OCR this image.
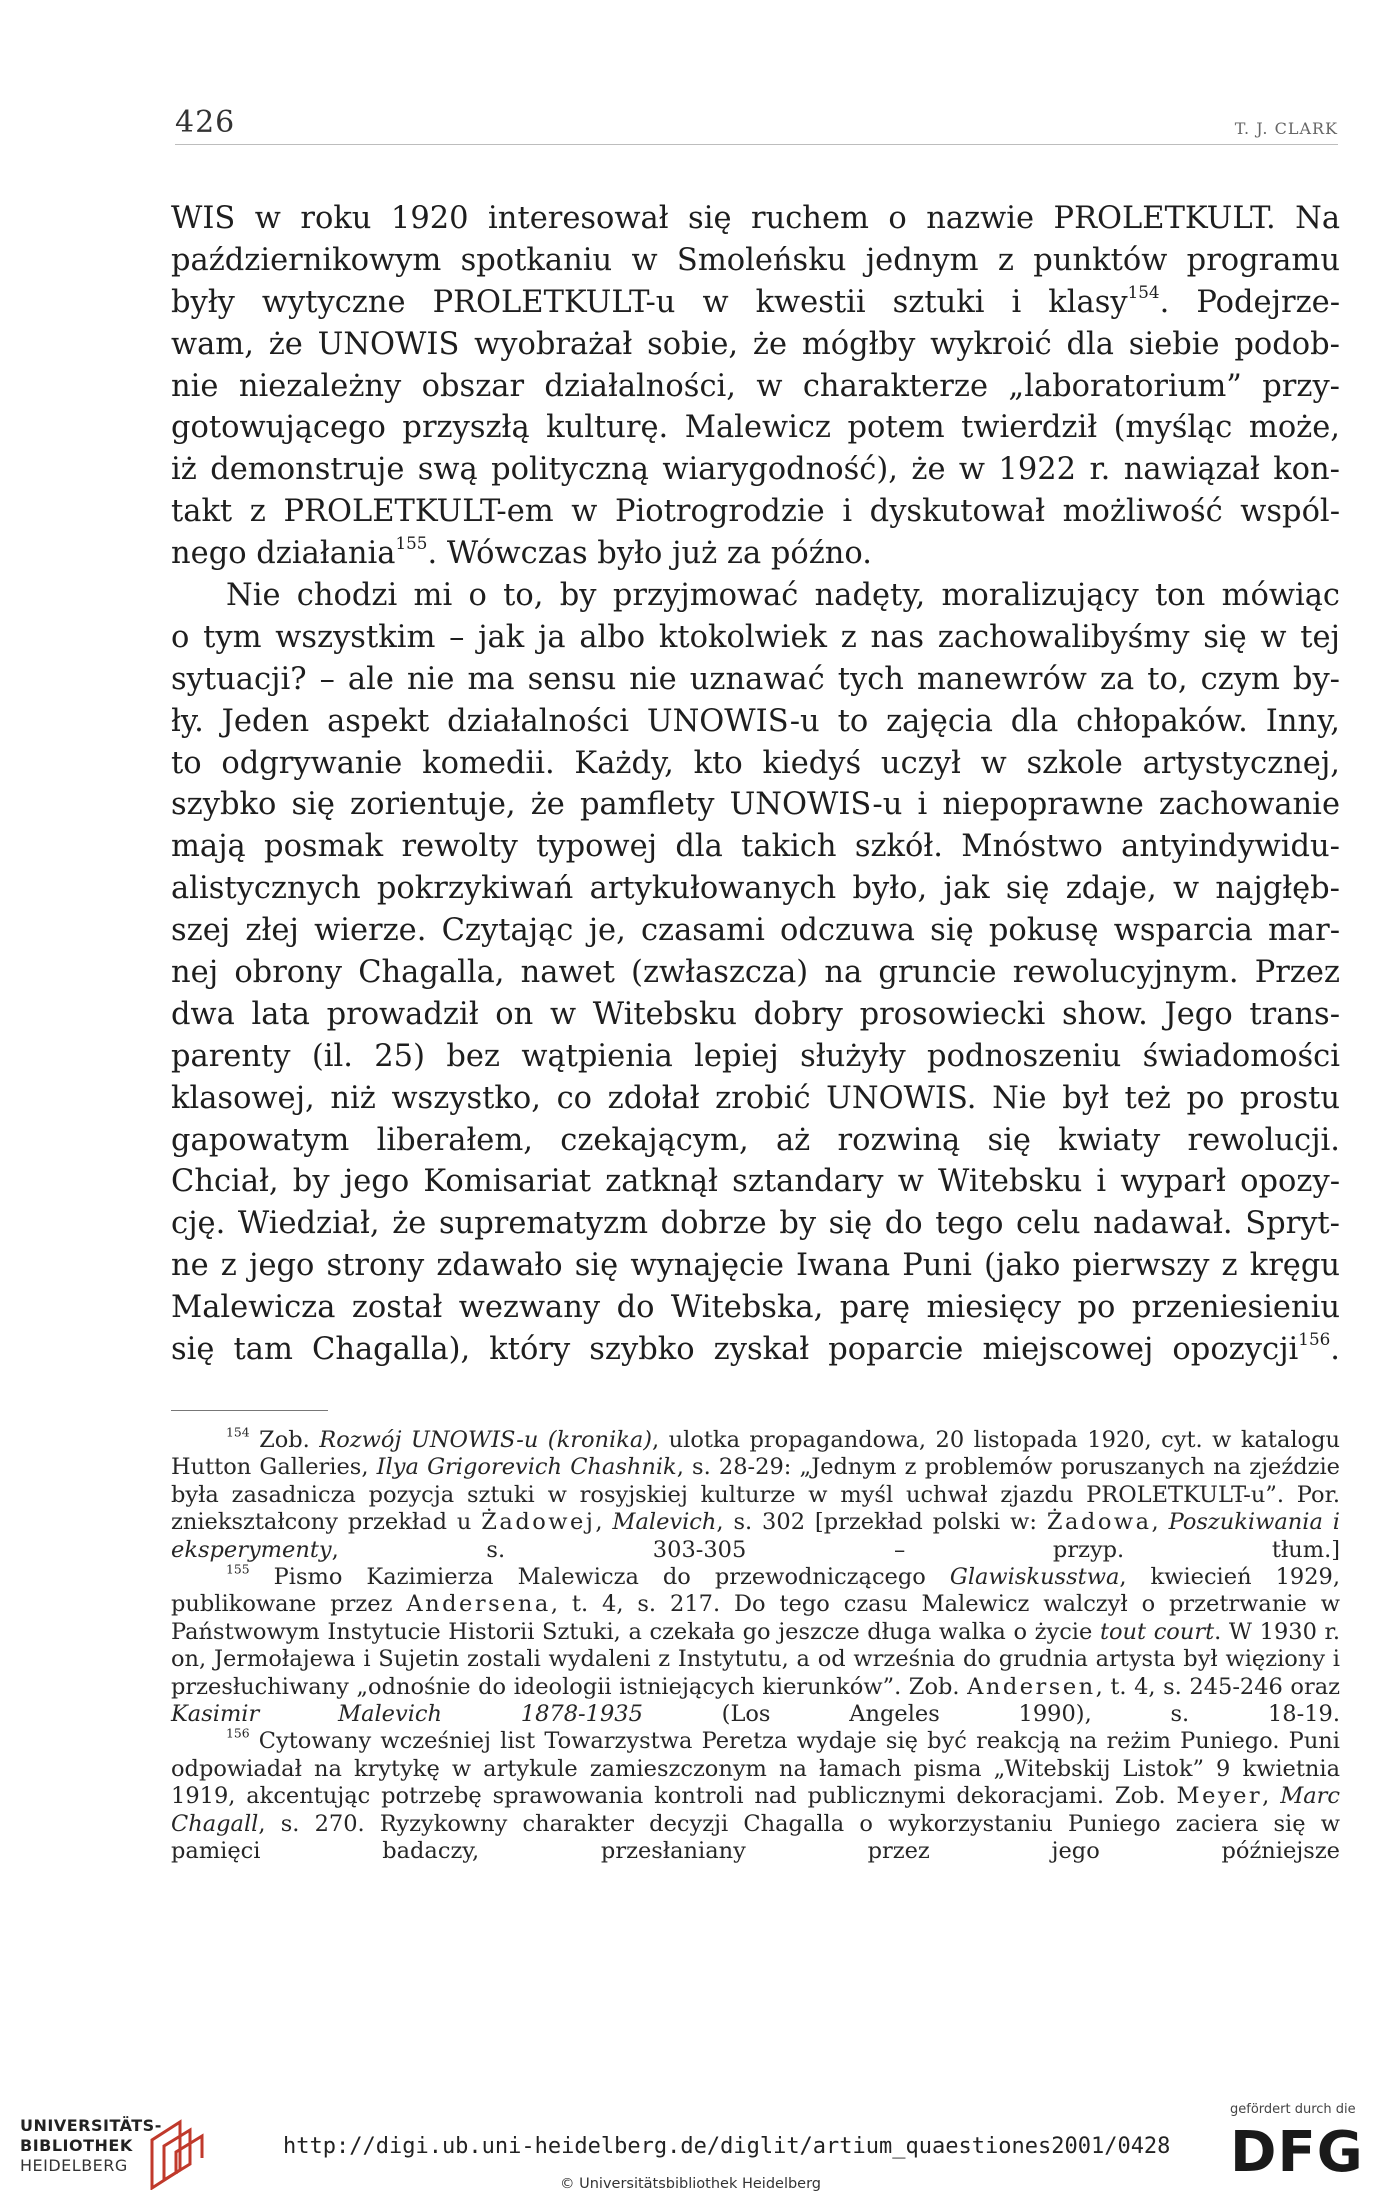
426	T. J. CLARK
WIS w roku 1920 interesował się ruchem o nazwie PROLETKULT. Na
październikowym spotkaniu w Smoleńsku jednym z punktów programu
były wytyczne PROLETKULT-u w kwestii sztuki i klasy$^{154}$. Podejrze-
wam, że UNOWIS wyobrażał sobie, że mógłby wykroić dla siebie podob-
nie niezależny obszar działalności, w charakterze „laboratorium” przy-
gotowującego przyszłą kulturę. Malewicz potem twierdził (myśląc może,
iż demonstruje swą polityczną wiarygodność), że w 1922 r. nawiązał kon-
takt z PROLETKULT-em w Piotrogrodzie i dyskutował możliwość wspól-
nego działania$^{155}$. Wówczas było już za późno.
Nie chodzi mi o to, by przyjmować nadęty, moralizujący ton mówiąc
o tym wszystkim – jak ja albo ktokolwiek z nas zachowalibyśmy się w tej
sytuacji? – ale nie ma sensu nie uznawać tych manewrów za to, czym by-
ły. Jeden aspekt działalności UNOWIS-u to zajęcia dla chłopaków. Inny,
to odgrywanie komedii. Każdy, kto kiedyś uczył w szkole artystycznej,
szybko się zorientuje, że pamflety UNOWIS-u i niepoprawne zachowanie
mają posmak rewolty typowej dla takich szkół. Mnóstwo antyindywidu-
alistycznych pokrzykiwań artykułowanych było, jak się zdaje, w najgłęb-
szej złej wierze. Czytając je, czasami odczuwa się pokusę wsparcia mar-
nej obrony Chagalla, nawet (zwłaszcza) na gruncie rewolucyjnym. Przez
dwa lata prowadził on w Witebsku dobry prosowiecki show. Jego trans-
parenty (il. 25) bez wątpienia lepiej służyły podnoszeniu świadomości
klasowej, niż wszystko, co zdołał zrobić UNOWIS. Nie był też po prostu
gapowatym liberałem, czekającym, aż rozwiną się kwiaty rewolucji.
Chciał, by jego Komisariat zatknął sztandary w Witebsku i wyparł opozy-
cję. Wiedział, że suprematyzm dobrze by się do tego celu nadawał. Spryt-
ne z jego strony zdawało się wynajęcie Iwana Puni (jako pierwszy z kręgu
Malewicza został wezwany do Witebska, parę miesięcy po przeniesieniu
się tam Chagalla), który szybko zyskał poparcie miejscowej opozycji$^{156}$.
$^{154}$ Zob. Rozwój UNOWIS-u (kronika), ulotka propagandowa, 20 listopada 1920, cyt. w katalogu Hutton Galleries, Ilya Grigorevich Chashnik, s. 28-29: „Jednym z problemów poruszanych na zjeździe była zasadnicza pozycja sztuki w rosyjskiej kulturze w myśl uchwał zjazdu PROLETKULT-u”. Por. zniekształcony przekład u Żadowej, Malevich, s. 302 [przekład polski w: Żadowa, Poszukiwania i eksperymenty, s. 303-305 – przyp. tłum.]
$^{155}$ Pismo Kazimierza Malewicza do przewodniczącego Glawiskusstwa, kwiecień 1929, publikowane przez Andersena, t. 4, s. 217. Do tego czasu Malewicz walczył o przetrwanie w Państwowym Instytucie Historii Sztuki, a czekała go jeszcze długa walka o życie tout court. W 1930 r. on, Jermołajewa i Sujetin zostali wydaleni z Instytutu, a od września do grudnia artysta był więziony i przesłuchiwany „odnośnie do ideologii istniejących kierunków”. Zob. Andersen, t. 4, s. 245-246 oraz Kasimir Malevich 1878-1935 (Los Angeles 1990), s. 18-19.
$^{156}$ Cytowany wcześniej list Towarzystwa Peretza wydaje się być reakcją na reżim Puniego. Puni odpowiadał na krytykę w artykule zamieszczonym na łamach pisma „Witebskij Listok” 9 kwietnia 1919, akcentując potrzebę sprawowania kontroli nad publicznymi dekoracjami. Zob. Meyer, Marc Chagall, s. 270. Ryzykowny charakter decyzji Chagalla o wykorzystaniu Puniego zaciera się w pamięci badaczy, przesłaniany przez jego późniejsze
UNIVERSITÄTS-
BIBLIOTHEK
HEIDELBERG
http://digi.ub.uni-heidelberg.de/diglit/artium_quaestiones2001/0428
© Universitätsbibliothek Heidelberg
gefördert durch die
DFG
